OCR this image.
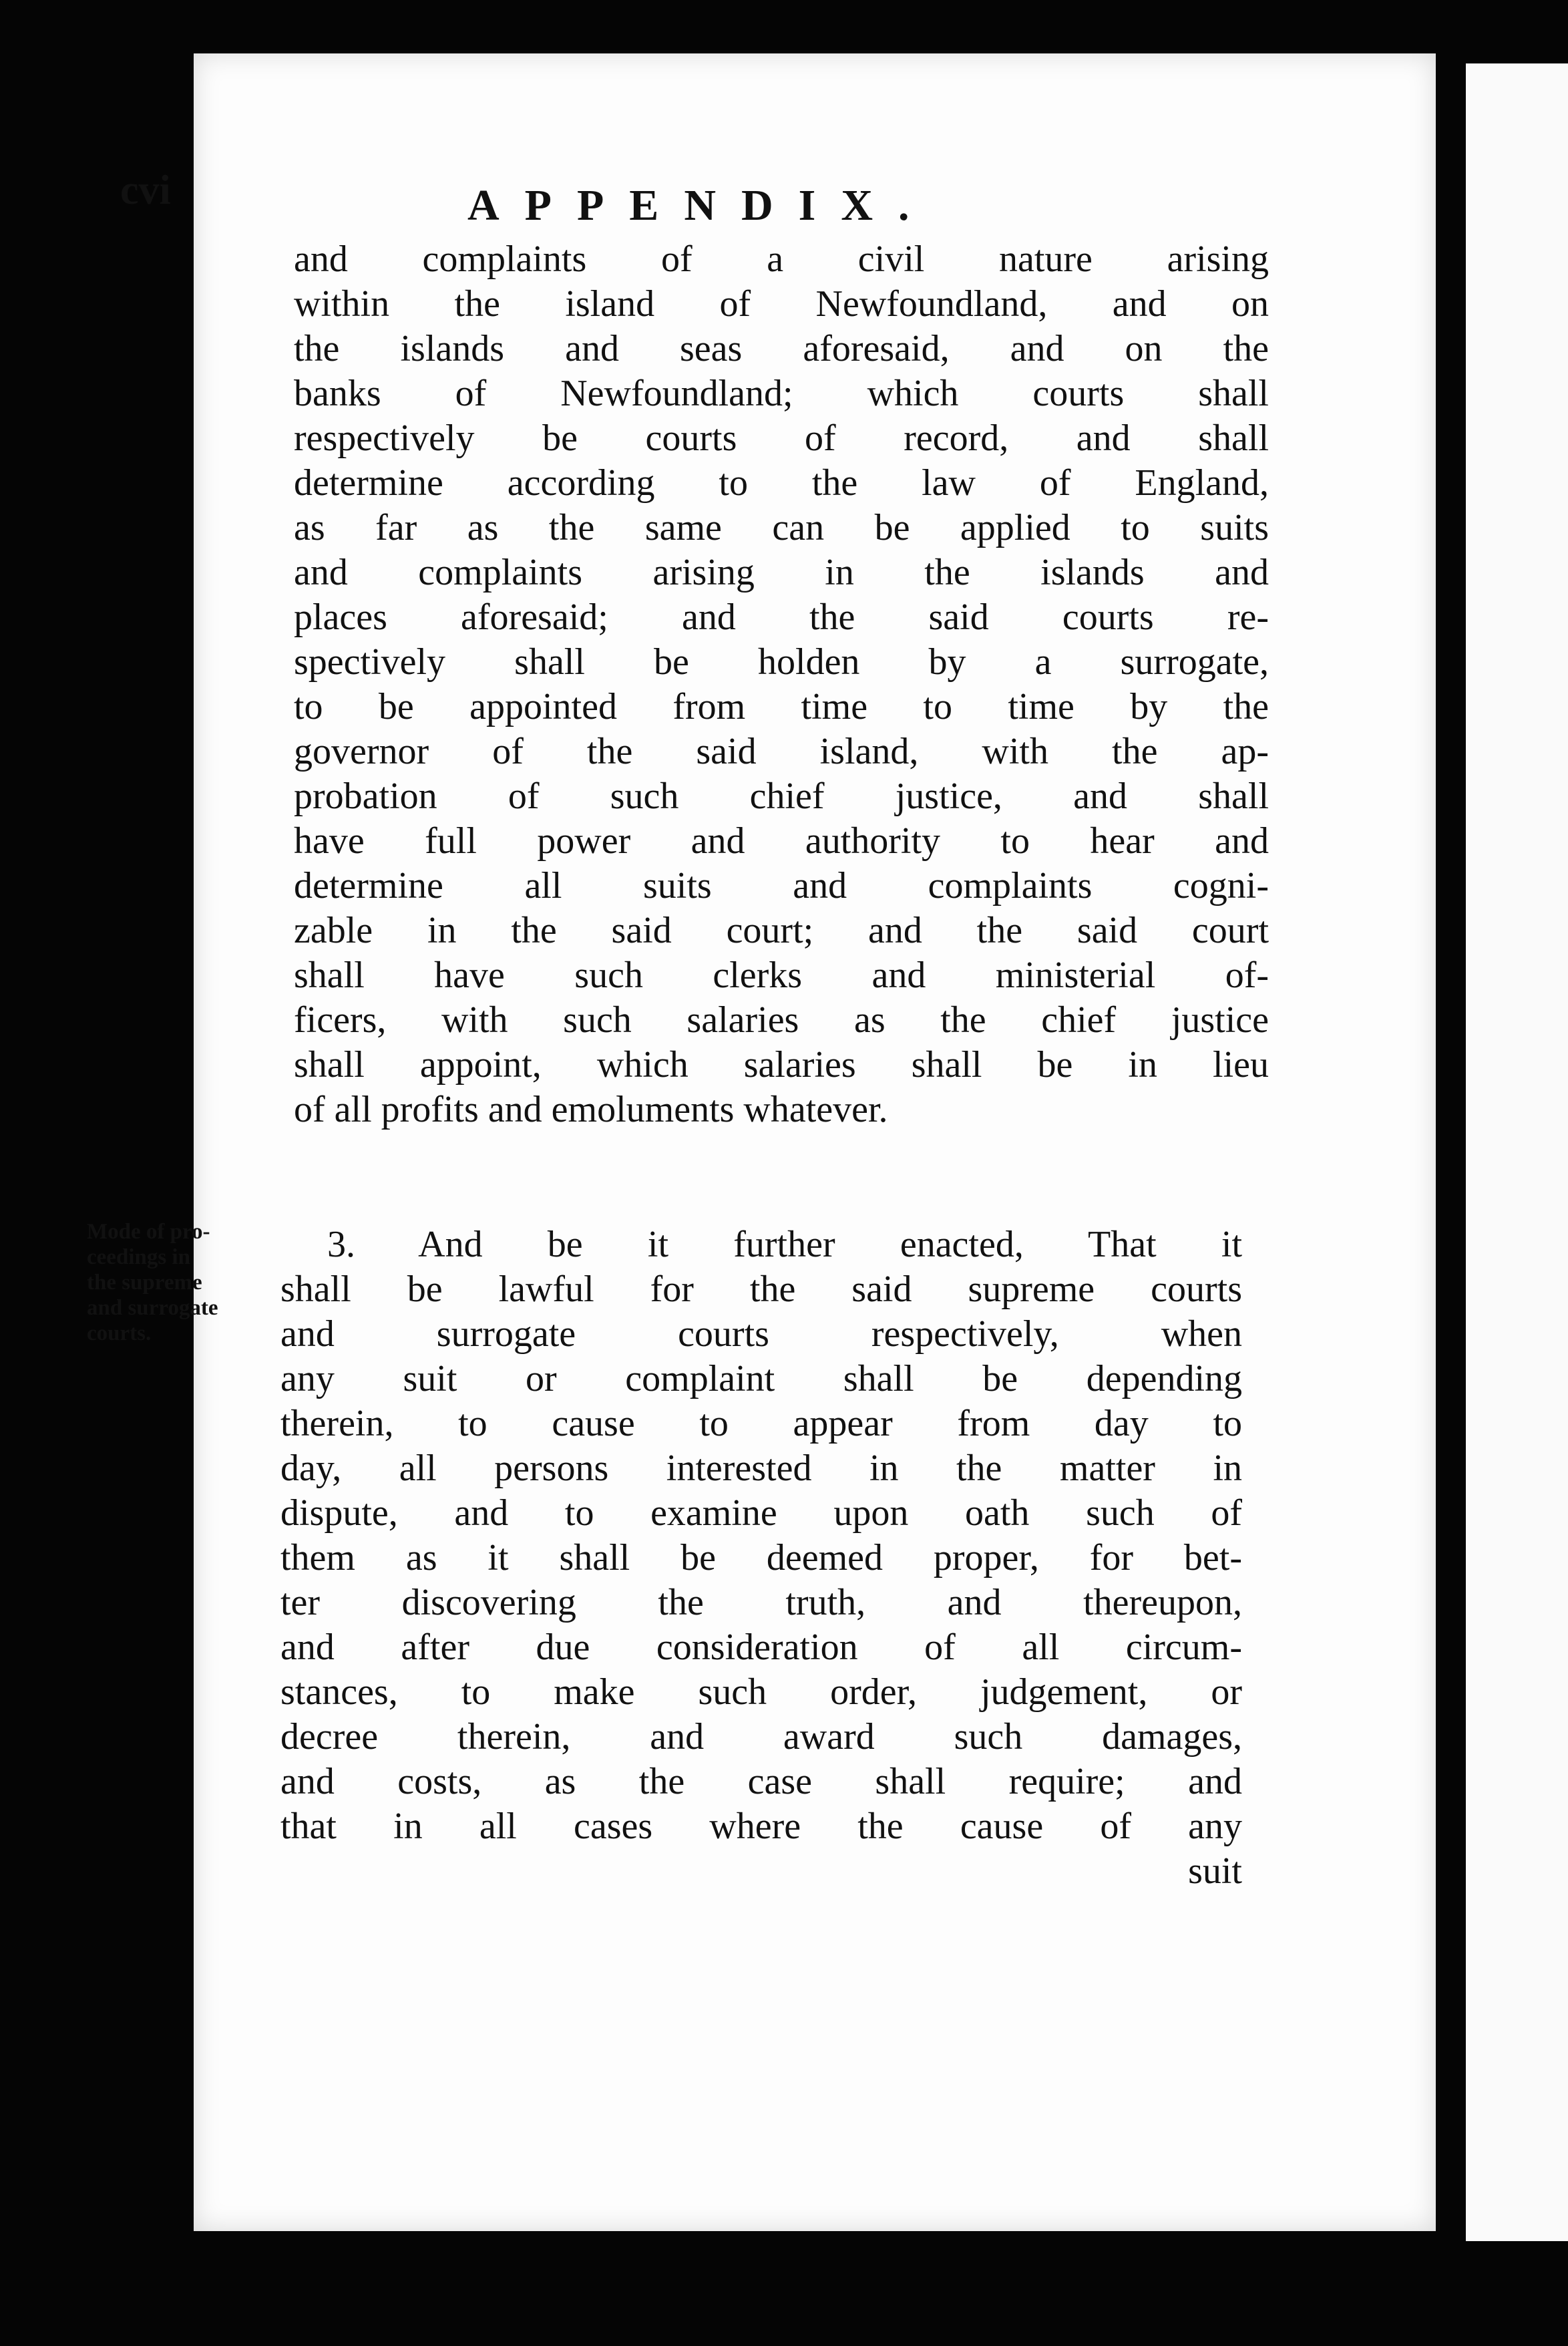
cvi	APPENDIX.
and complaints of a civil nature arising
within the island of Newfoundland, and on
the islands and seas aforesaid, and on the
banks of Newfoundland; which courts shall
respectively be courts of record, and shall
determine according to the law of England,
as far as the same can be applied to suits
and complaints arising in the islands and
places aforesaid; and the said courts re-
spectively shall be holden by a surrogate,
to be appointed from time to time by the
governor of the said island, with the ap-
probation of such chief justice, and shall
have full power and authority to hear and
determine all suits and complaints cogni-
zable in the said court; and the said court
shall have such clerks and ministerial of-
ficers, with such salaries as the chief justice
shall appoint, which salaries shall be in lieu
of all profits and emoluments whatever.
Mode of pro-
ceedings in
the supreme
and surrogate
courts.
3. And be it further enacted, That it
shall be lawful for the said supreme courts
and surrogate courts respectively, when
any suit or complaint shall be depending
therein, to cause to appear from day to
day, all persons interested in the matter in
dispute, and to examine upon oath such of
them as it shall be deemed proper, for bet-
ter discovering the truth, and thereupon,
and after due consideration of all circum-
stances, to make such order, judgement, or
decree therein, and award such damages,
and costs, as the case shall require; and
that in all cases where the cause of any
suit
